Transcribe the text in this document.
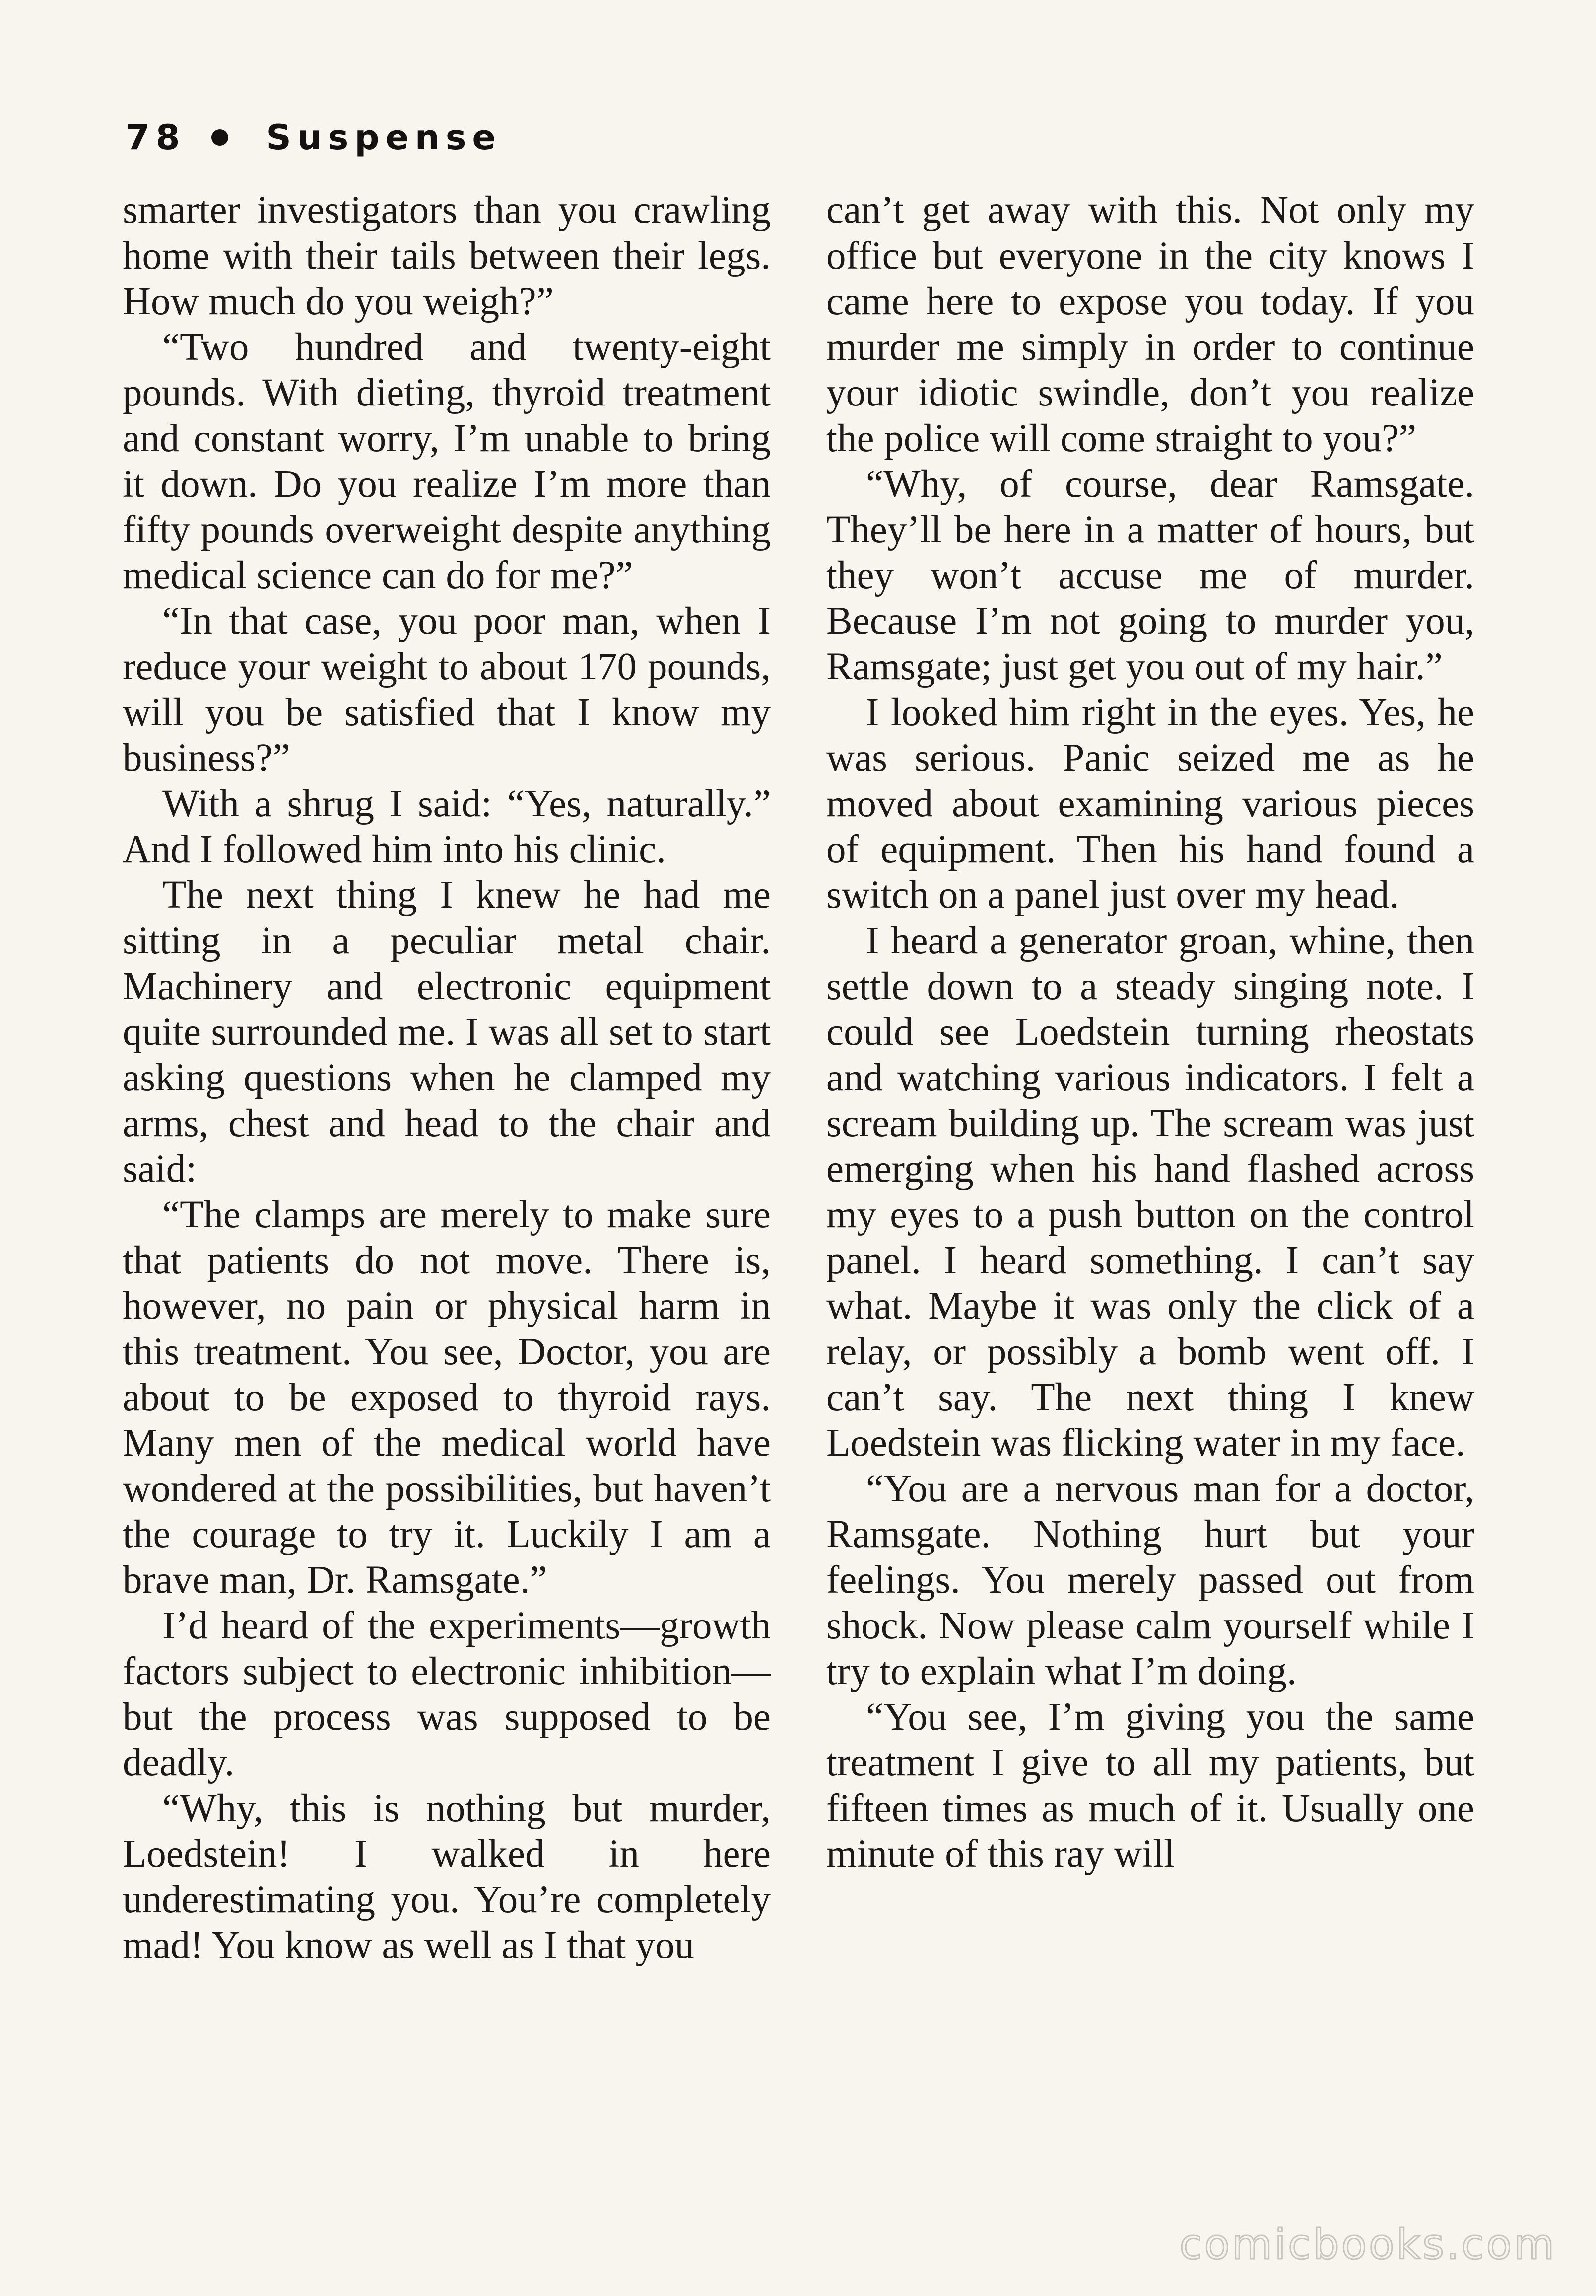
78 Suspense

smarter investigators than you crawling home with their tails between their legs. How much do you weigh?”

“Two hundred and twenty-eight pounds. With dieting, thyroid treatment and constant worry, I’m unable to bring it down. Do you realize I’m more than fifty pounds overweight despite anything medical science can do for me?”

“In that case, you poor man, when I reduce your weight to about 170 pounds, will you be satisfied that I know my business?”

With a shrug I said: “Yes, naturally.” And I followed him into his clinic.

The next thing I knew he had me sitting in a peculiar metal chair. Machinery and electronic equipment quite surrounded me. I was all set to start asking questions when he clamped my arms, chest and head to the chair and said:

“The clamps are merely to make sure that patients do not move. There is, however, no pain or physical harm in this treatment. You see, Doctor, you are about to be exposed to thyroid rays. Many men of the medical world have wondered at the possibilities, but haven’t the courage to try it. Luckily I am a brave man, Dr. Ramsgate.”

I’d heard of the experiments—growth factors subject to electronic inhibition—but the process was supposed to be deadly.

“Why, this is nothing but murder, Loedstein! I walked in here underestimating you. You’re completely mad! You know as well as I that you

can’t get away with this. Not only my office but everyone in the city knows I came here to expose you today. If you murder me simply in order to continue your idiotic swindle, don’t you realize the police will come straight to you?”

“Why, of course, dear Ramsgate. They’ll be here in a matter of hours, but they won’t accuse me of murder. Because I’m not going to murder you, Ramsgate; just get you out of my hair.”

I looked him right in the eyes. Yes, he was serious. Panic seized me as he moved about examining various pieces of equipment. Then his hand found a switch on a panel just over my head.

I heard a generator groan, whine, then settle down to a steady singing note. I could see Loedstein turning rheostats and watching various indicators. I felt a scream building up. The scream was just emerging when his hand flashed across my eyes to a push button on the control panel. I heard something. I can’t say what. Maybe it was only the click of a relay, or possibly a bomb went off. I can’t say. The next thing I knew Loedstein was flicking water in my face.

“You are a nervous man for a doctor, Ramsgate. Nothing hurt but your feelings. You merely passed out from shock. Now please calm yourself while I try to explain what I’m doing.

“You see, I’m giving you the same treatment I give to all my patients, but fifteen times as much of it. Usually one minute of this ray will

comicbooks.com
